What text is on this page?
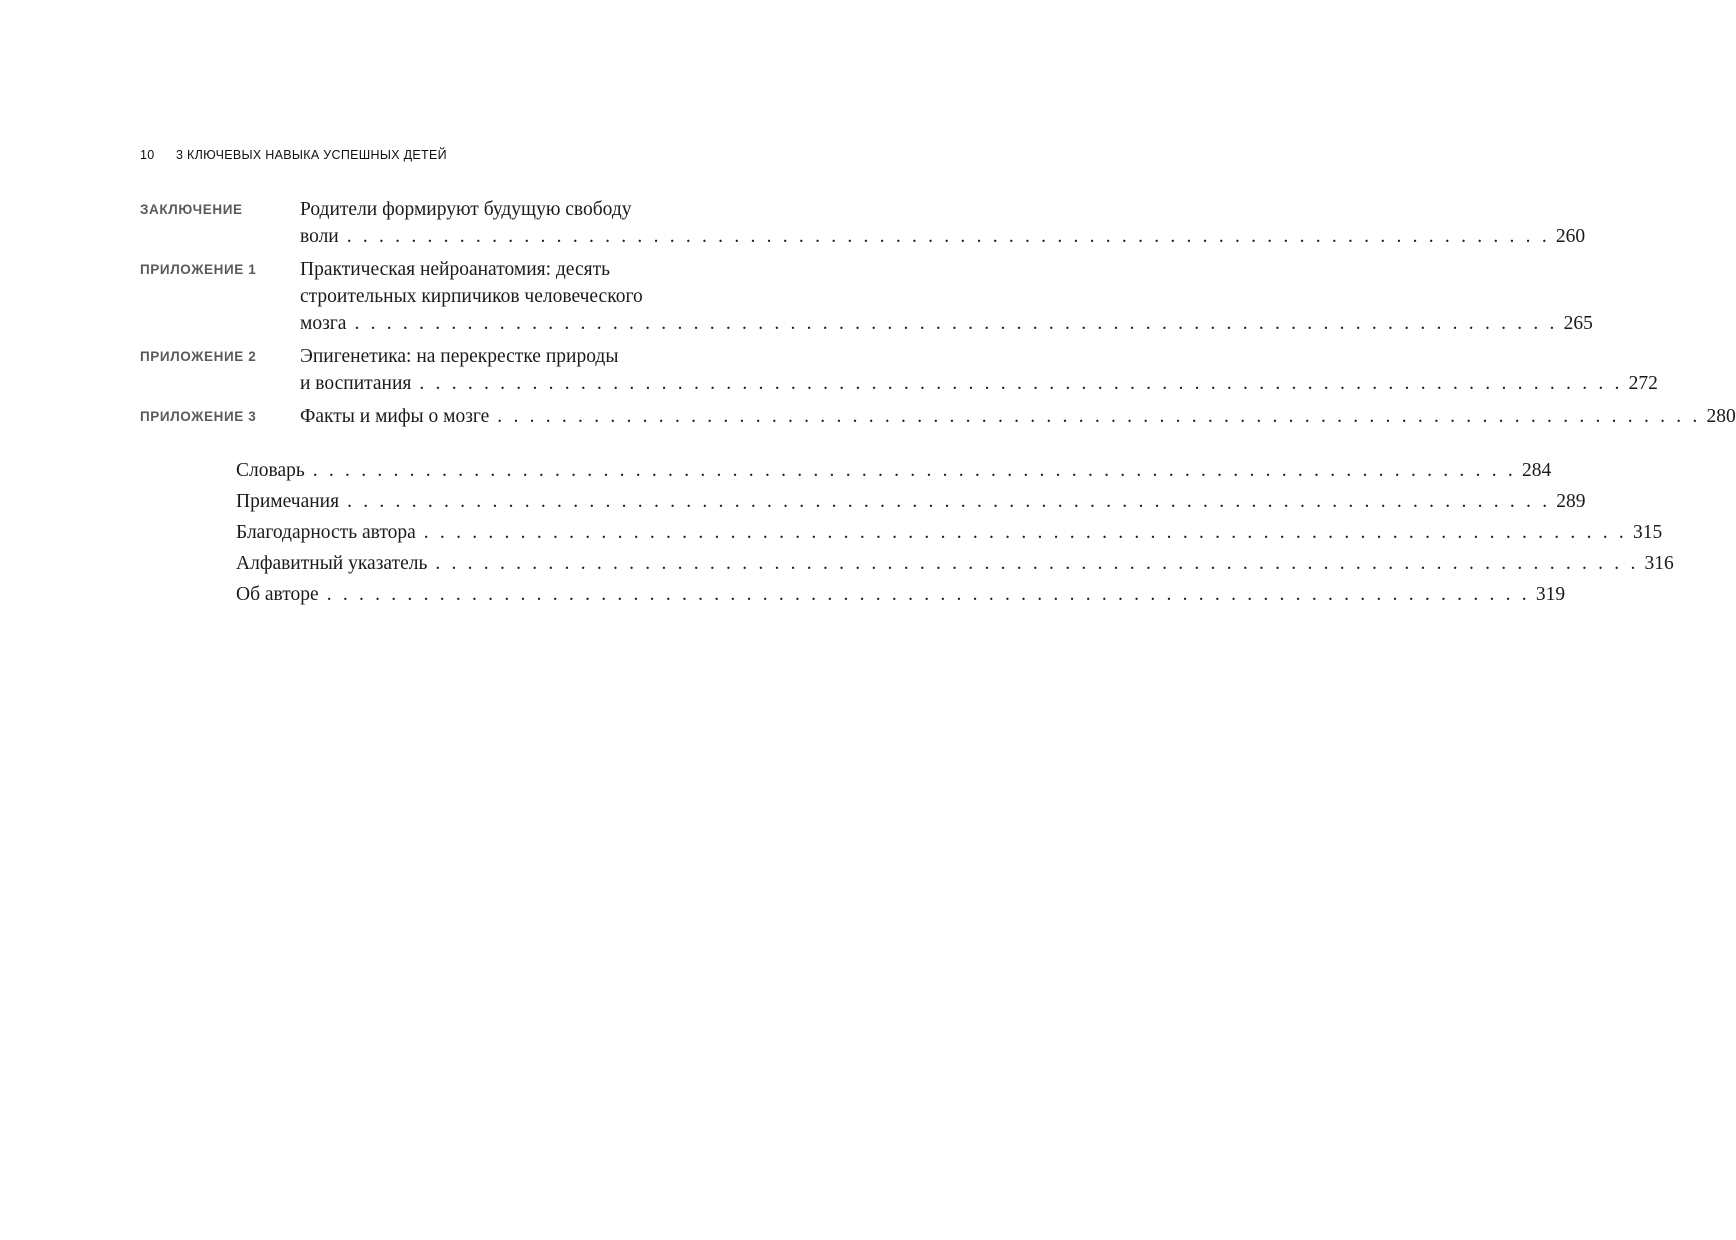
10 3 КЛЮЧЕВЫХ НАВЫКА УСПЕШНЫХ ДЕТЕЙ
ЗАКЛЮЧЕНИЕ	Родители формируют будущую свободу
воли . . .	260
ПРИЛОЖЕНИЕ 1	Практическая нейроанатомия: десять
строительных кирпичиков человеческого
мозга . . .	265
ПРИЛОЖЕНИЕ 2	Эпигенетика: на перекрестке природы
и воспитания . . .	272
ПРИЛОЖЕНИЕ 3	Факты и мифы о мозге . . .	280
Словарь . . .	284
Примечания . . .	289
Благодарность автора . . .	315
Алфавитный указатель . . .	316
Об авторе . . .	319
